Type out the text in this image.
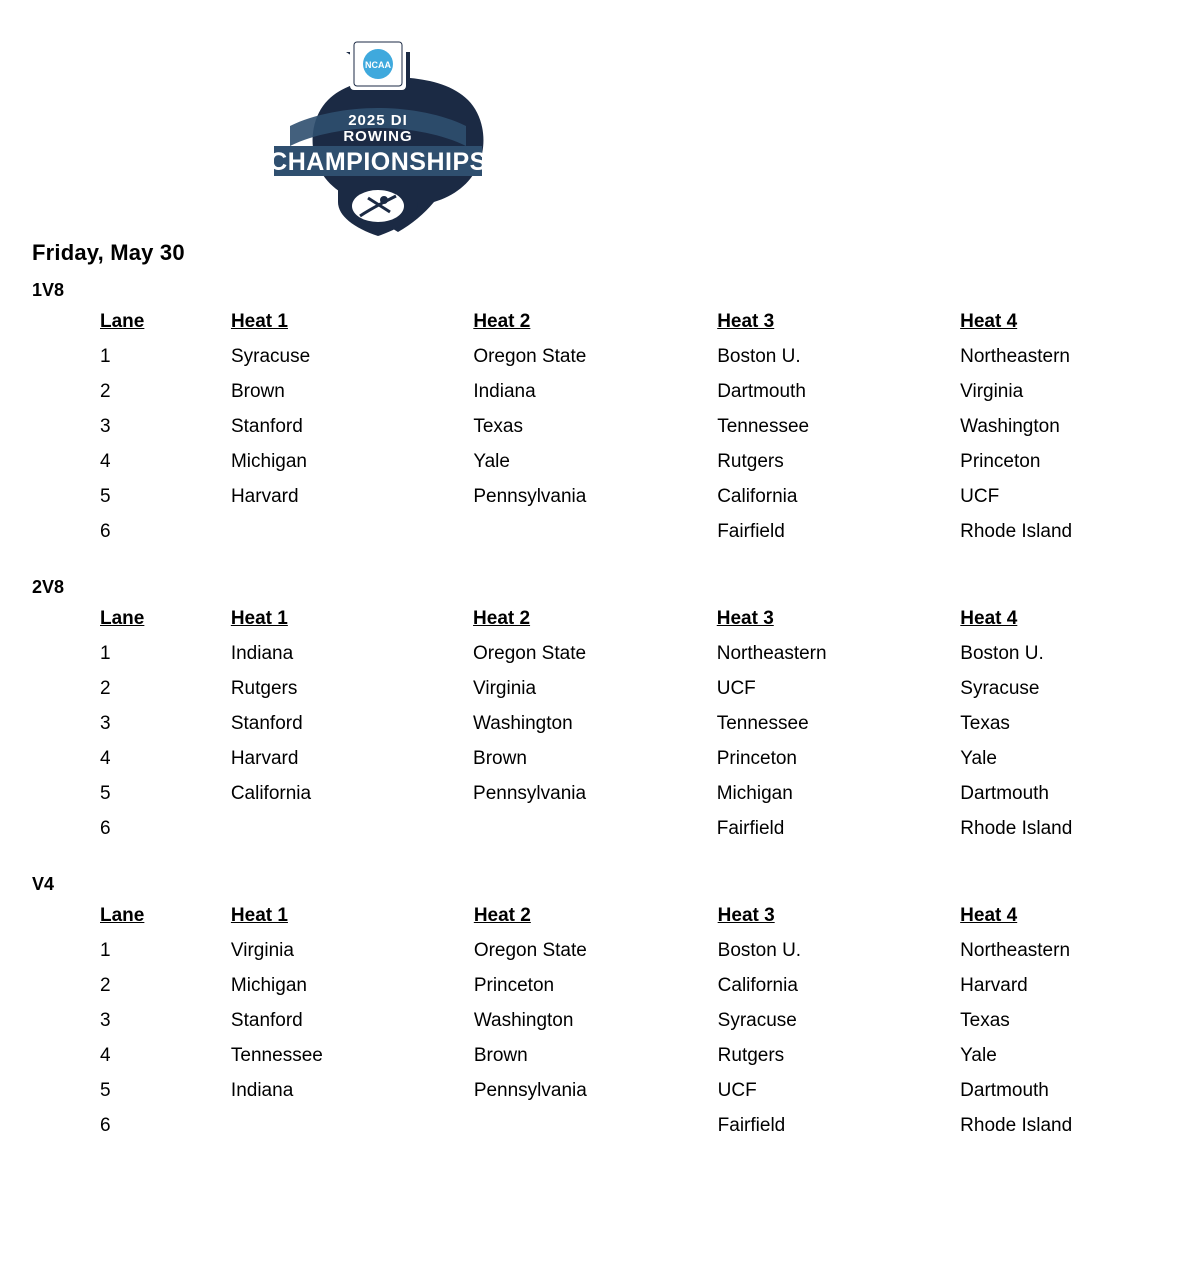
NCAA
2025 DI
ROWING
CHAMPIONSHIPS
Friday, May 30
1V8
Lane	Heat 1	Heat 2	Heat 3	Heat 4
1	Syracuse	Oregon State	Boston U.	Northeastern
2	Brown	Indiana	Dartmouth	Virginia
3	Stanford	Texas	Tennessee	Washington
4	Michigan	Yale	Rutgers	Princeton
5	Harvard	Pennsylvania	California	UCF
6			Fairfield	Rhode Island
2V8
Lane	Heat 1	Heat 2	Heat 3	Heat 4
1	Indiana	Oregon State	Northeastern	Boston U.
2	Rutgers	Virginia	UCF	Syracuse
3	Stanford	Washington	Tennessee	Texas
4	Harvard	Brown	Princeton	Yale
5	California	Pennsylvania	Michigan	Dartmouth
6			Fairfield	Rhode Island
V4
Lane	Heat 1	Heat 2	Heat 3	Heat 4
1	Virginia	Oregon State	Boston U.	Northeastern
2	Michigan	Princeton	California	Harvard
3	Stanford	Washington	Syracuse	Texas
4	Tennessee	Brown	Rutgers	Yale
5	Indiana	Pennsylvania	UCF	Dartmouth
6			Fairfield	Rhode Island
